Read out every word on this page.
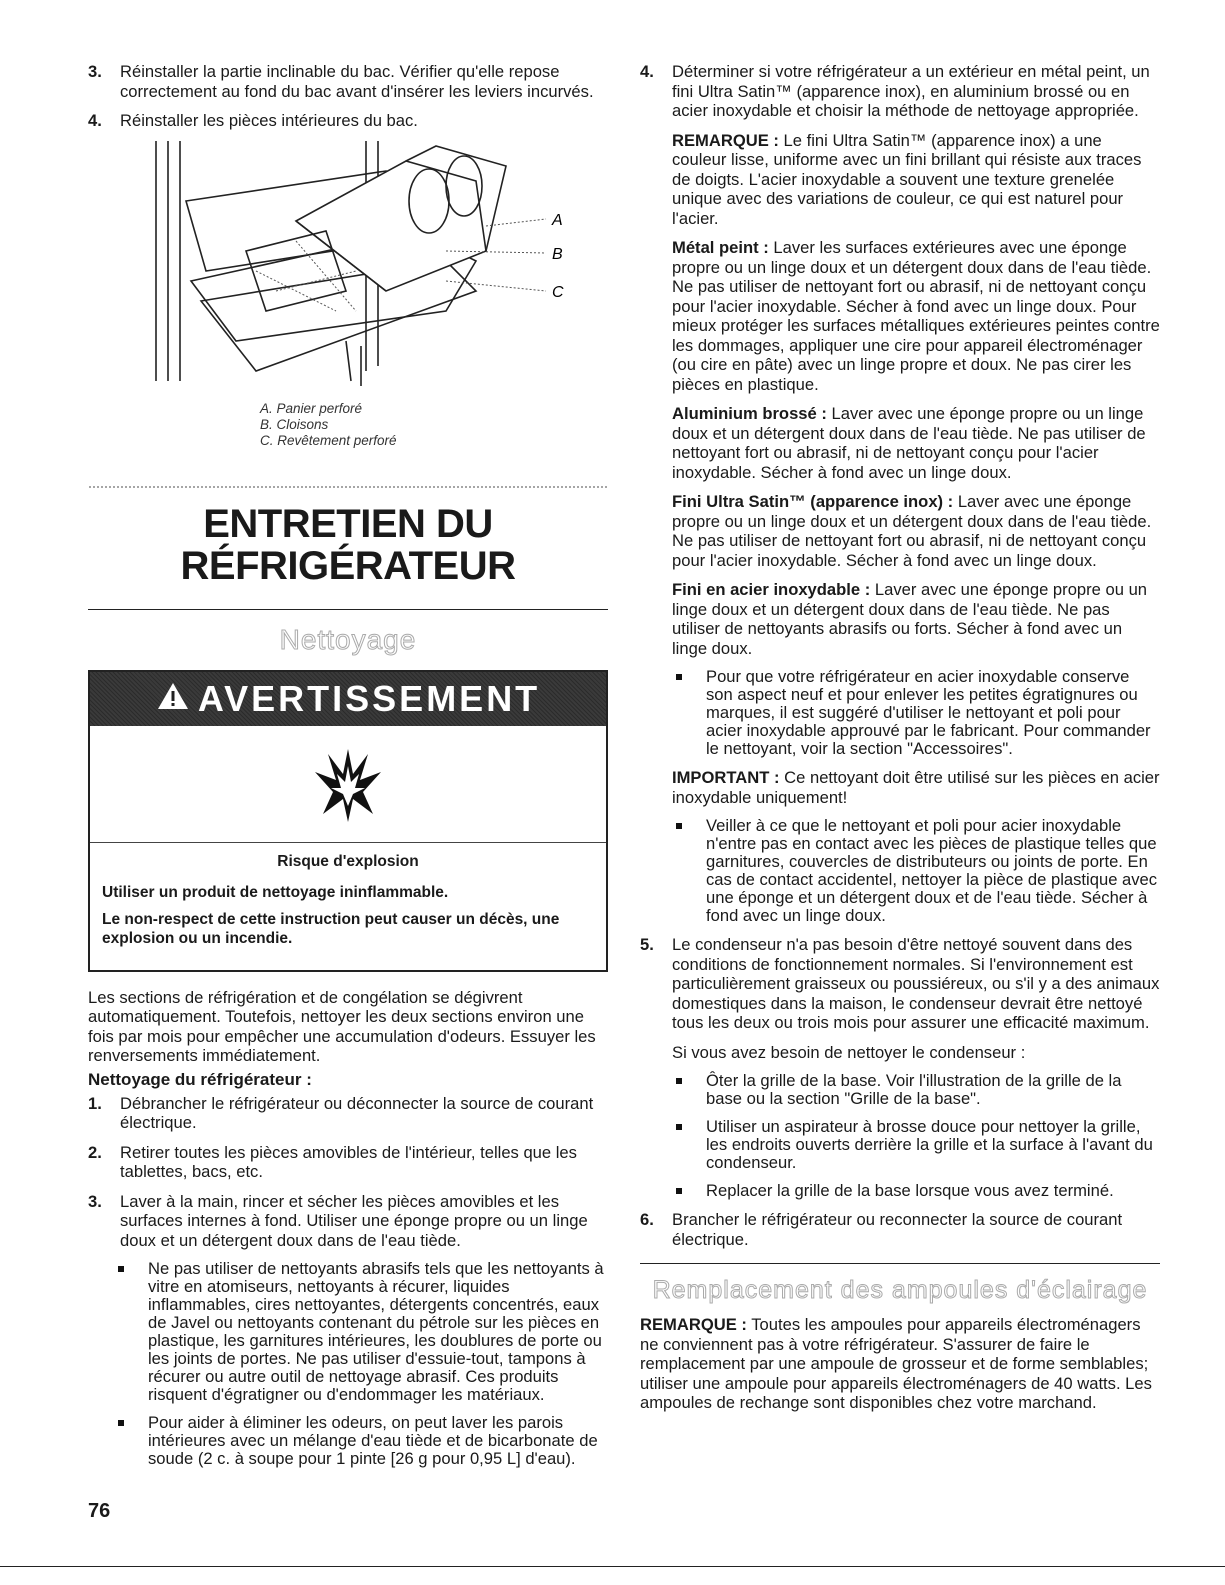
3. Réinstaller la partie inclinable du bac. Vérifier qu'elle repose correctement au fond du bac avant d'insérer les leviers incurvés.
4. Réinstaller les pièces intérieures du bac.
A
B
C
A. Panier perforé
B. Cloisons
C. Revêtement perforé
ENTRETIEN DU
RÉFRIGÉRATEUR
Nettoyage
AVERTISSEMENT
Risque d'explosion
Utiliser un produit de nettoyage ininflammable.
Le non-respect de cette instruction peut causer un décès, une explosion ou un incendie.

Les sections de réfrigération et de congélation se dégivrent automatiquement. Toutefois, nettoyer les deux sections environ une fois par mois pour empêcher une accumulation d'odeurs. Essuyer les renversements immédiatement.

Nettoyage du réfrigérateur :
1. Débrancher le réfrigérateur ou déconnecter la source de courant électrique.
2. Retirer toutes les pièces amovibles de l'intérieur, telles que les tablettes, bacs, etc.
3. Laver à la main, rincer et sécher les pièces amovibles et les surfaces internes à fond. Utiliser une éponge propre ou un linge doux et un détergent doux dans de l'eau tiède.
Ne pas utiliser de nettoyants abrasifs tels que les nettoyants à vitre en atomiseurs, nettoyants à récurer, liquides inflammables, cires nettoyantes, détergents concentrés, eaux de Javel ou nettoyants contenant du pétrole sur les pièces en plastique, les garnitures intérieures, les doublures de porte ou les joints de portes. Ne pas utiliser d'essuie-tout, tampons à récurer ou autre outil de nettoyage abrasif. Ces produits risquent d'égratigner ou d'endommager les matériaux.
Pour aider à éliminer les odeurs, on peut laver les parois intérieures avec un mélange d'eau tiède et de bicarbonate de soude (2 c. à soupe pour 1 pinte [26 g pour 0,95 L] d'eau).
4. Déterminer si votre réfrigérateur a un extérieur en métal peint, un fini Ultra Satin™ (apparence inox), en aluminium brossé ou en acier inoxydable et choisir la méthode de nettoyage appropriée.
REMARQUE : Le fini Ultra Satin™ (apparence inox) a une couleur lisse, uniforme avec un fini brillant qui résiste aux traces de doigts. L'acier inoxydable a souvent une texture grenelée unique avec des variations de couleur, ce qui est naturel pour l'acier.
Métal peint : Laver les surfaces extérieures avec une éponge propre ou un linge doux et un détergent doux dans de l'eau tiède. Ne pas utiliser de nettoyant fort ou abrasif, ni de nettoyant conçu pour l'acier inoxydable. Sécher à fond avec un linge doux. Pour mieux protéger les surfaces métalliques extérieures peintes contre les dommages, appliquer une cire pour appareil électroménager (ou cire en pâte) avec un linge propre et doux. Ne pas cirer les pièces en plastique.
Aluminium brossé : Laver avec une éponge propre ou un linge doux et un détergent doux dans de l'eau tiède. Ne pas utiliser de nettoyant fort ou abrasif, ni de nettoyant conçu pour l'acier inoxydable. Sécher à fond avec un linge doux.
Fini Ultra Satin™ (apparence inox) : Laver avec une éponge propre ou un linge doux et un détergent doux dans de l'eau tiède. Ne pas utiliser de nettoyant fort ou abrasif, ni de nettoyant conçu pour l'acier inoxydable. Sécher à fond avec un linge doux.
Fini en acier inoxydable : Laver avec une éponge propre ou un linge doux et un détergent doux dans de l'eau tiède. Ne pas utiliser de nettoyants abrasifs ou forts. Sécher à fond avec un linge doux.
Pour que votre réfrigérateur en acier inoxydable conserve son aspect neuf et pour enlever les petites égratignures ou marques, il est suggéré d'utiliser le nettoyant et poli pour acier inoxydable approuvé par le fabricant. Pour commander le nettoyant, voir la section "Accessoires".
IMPORTANT : Ce nettoyant doit être utilisé sur les pièces en acier inoxydable uniquement!
Veiller à ce que le nettoyant et poli pour acier inoxydable n'entre pas en contact avec les pièces de plastique telles que garnitures, couvercles de distributeurs ou joints de porte. En cas de contact accidentel, nettoyer la pièce de plastique avec une éponge et un détergent doux et de l'eau tiède. Sécher à fond avec un linge doux.
5. Le condenseur n'a pas besoin d'être nettoyé souvent dans des conditions de fonctionnement normales. Si l'environnement est particulièrement graisseux ou poussiéreux, ou s'il y a des animaux domestiques dans la maison, le condenseur devrait être nettoyé tous les deux ou trois mois pour assurer une efficacité maximum.
Si vous avez besoin de nettoyer le condenseur :
Ôter la grille de la base. Voir l'illustration de la grille de la base ou la section "Grille de la base".
Utiliser un aspirateur à brosse douce pour nettoyer la grille, les endroits ouverts derrière la grille et la surface à l'avant du condenseur.
Replacer la grille de la base lorsque vous avez terminé.
6. Brancher le réfrigérateur ou reconnecter la source de courant électrique.
Remplacement des ampoules d'éclairage

REMARQUE : Toutes les ampoules pour appareils électroménagers ne conviennent pas à votre réfrigérateur. S'assurer de faire le remplacement par une ampoule de grosseur et de forme semblables; utiliser une ampoule pour appareils électroménagers de 40 watts. Les ampoules de rechange sont disponibles chez votre marchand.

76
